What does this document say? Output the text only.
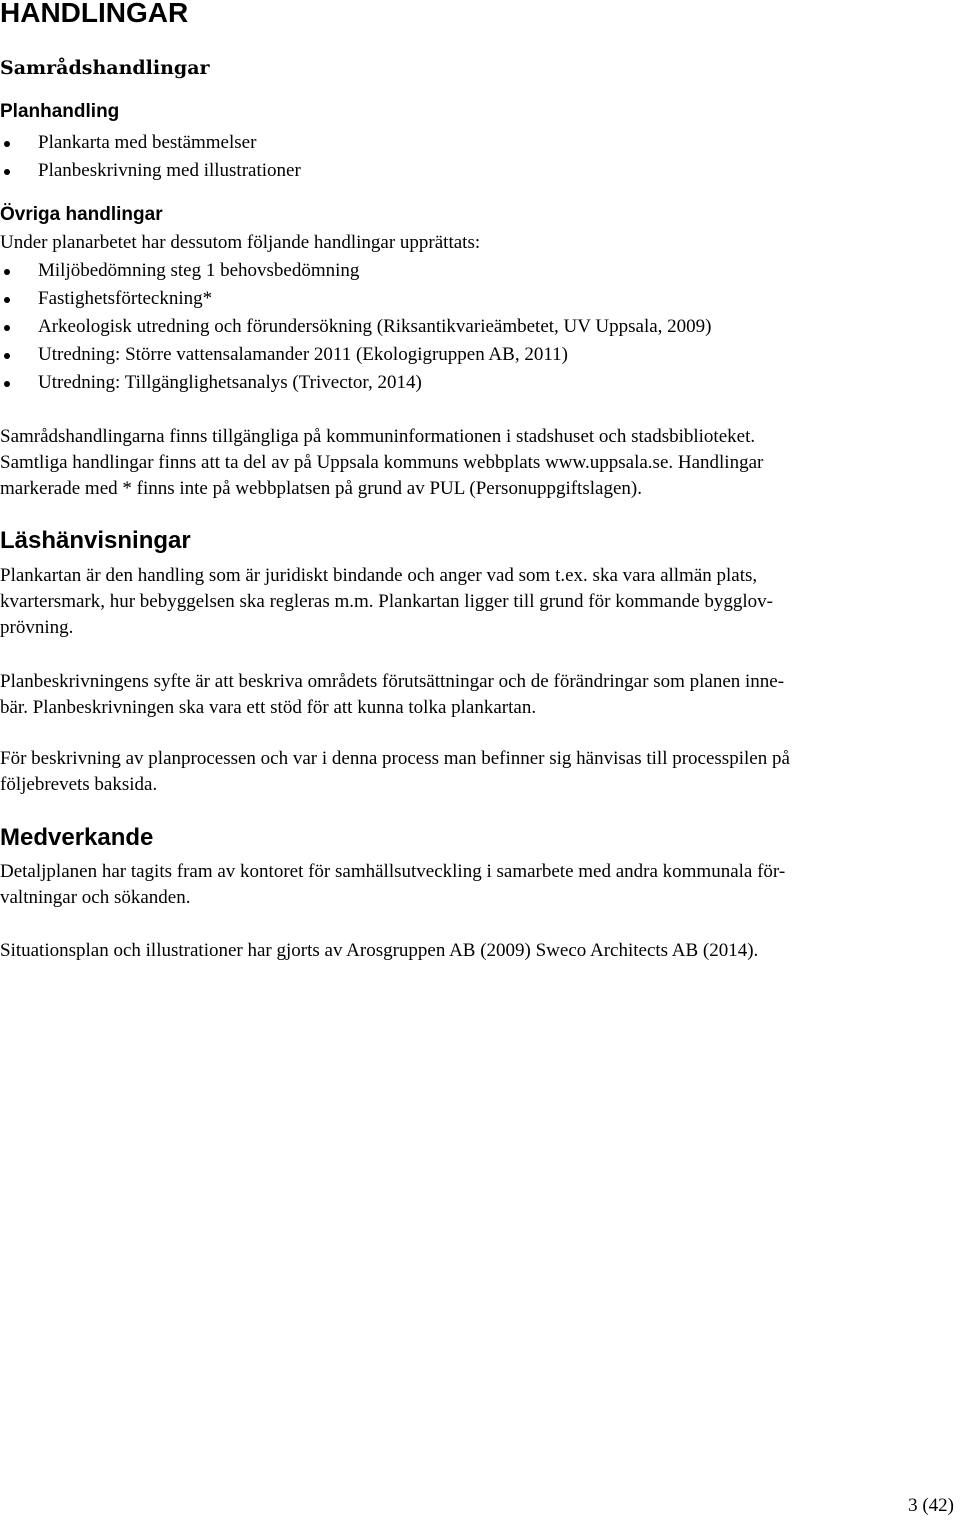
HANDLINGAR
Samrådshandlingar
Planhandling
Plankarta med bestämmelser
Planbeskrivning med illustrationer
Övriga handlingar

Under planarbetet har dessutom följande handlingar upprättats:

Miljöbedömning steg 1 behovsbedömning
Fastighetsförteckning*
Arkeologisk utredning och förundersökning (Riksantikvarieämbetet, UV Uppsala, 2009)
Utredning: Större vattensalamander 2011 (Ekologigruppen AB, 2011)
Utredning: Tillgänglighetsanalys (Trivector, 2014)

Samrådshandlingarna finns tillgängliga på kommuninformationen i stadshuset och stadsbiblioteket.
Samtliga handlingar finns att ta del av på Uppsala kommuns webbplats www.uppsala.se. Handlingar
markerade med * finns inte på webbplatsen på grund av PUL (Personuppgiftslagen).

Läshänvisningar

Plankartan är den handling som är juridiskt bindande och anger vad som t.ex. ska vara allmän plats,
kvartersmark, hur bebyggelsen ska regleras m.m. Plankartan ligger till grund för kommande bygglov-
prövning.

Planbeskrivningens syfte är att beskriva områdets förutsättningar och de förändringar som planen inne-
bär. Planbeskrivningen ska vara ett stöd för att kunna tolka plankartan.

För beskrivning av planprocessen och var i denna process man befinner sig hänvisas till processpilen på
följebrevets baksida.

Medverkande

Detaljplanen har tagits fram av kontoret för samhällsutveckling i samarbete med andra kommunala för-
valtningar och sökanden.

Situationsplan och illustrationer har gjorts av Arosgruppen AB (2009) Sweco Architects AB (2014).

3 (42)
